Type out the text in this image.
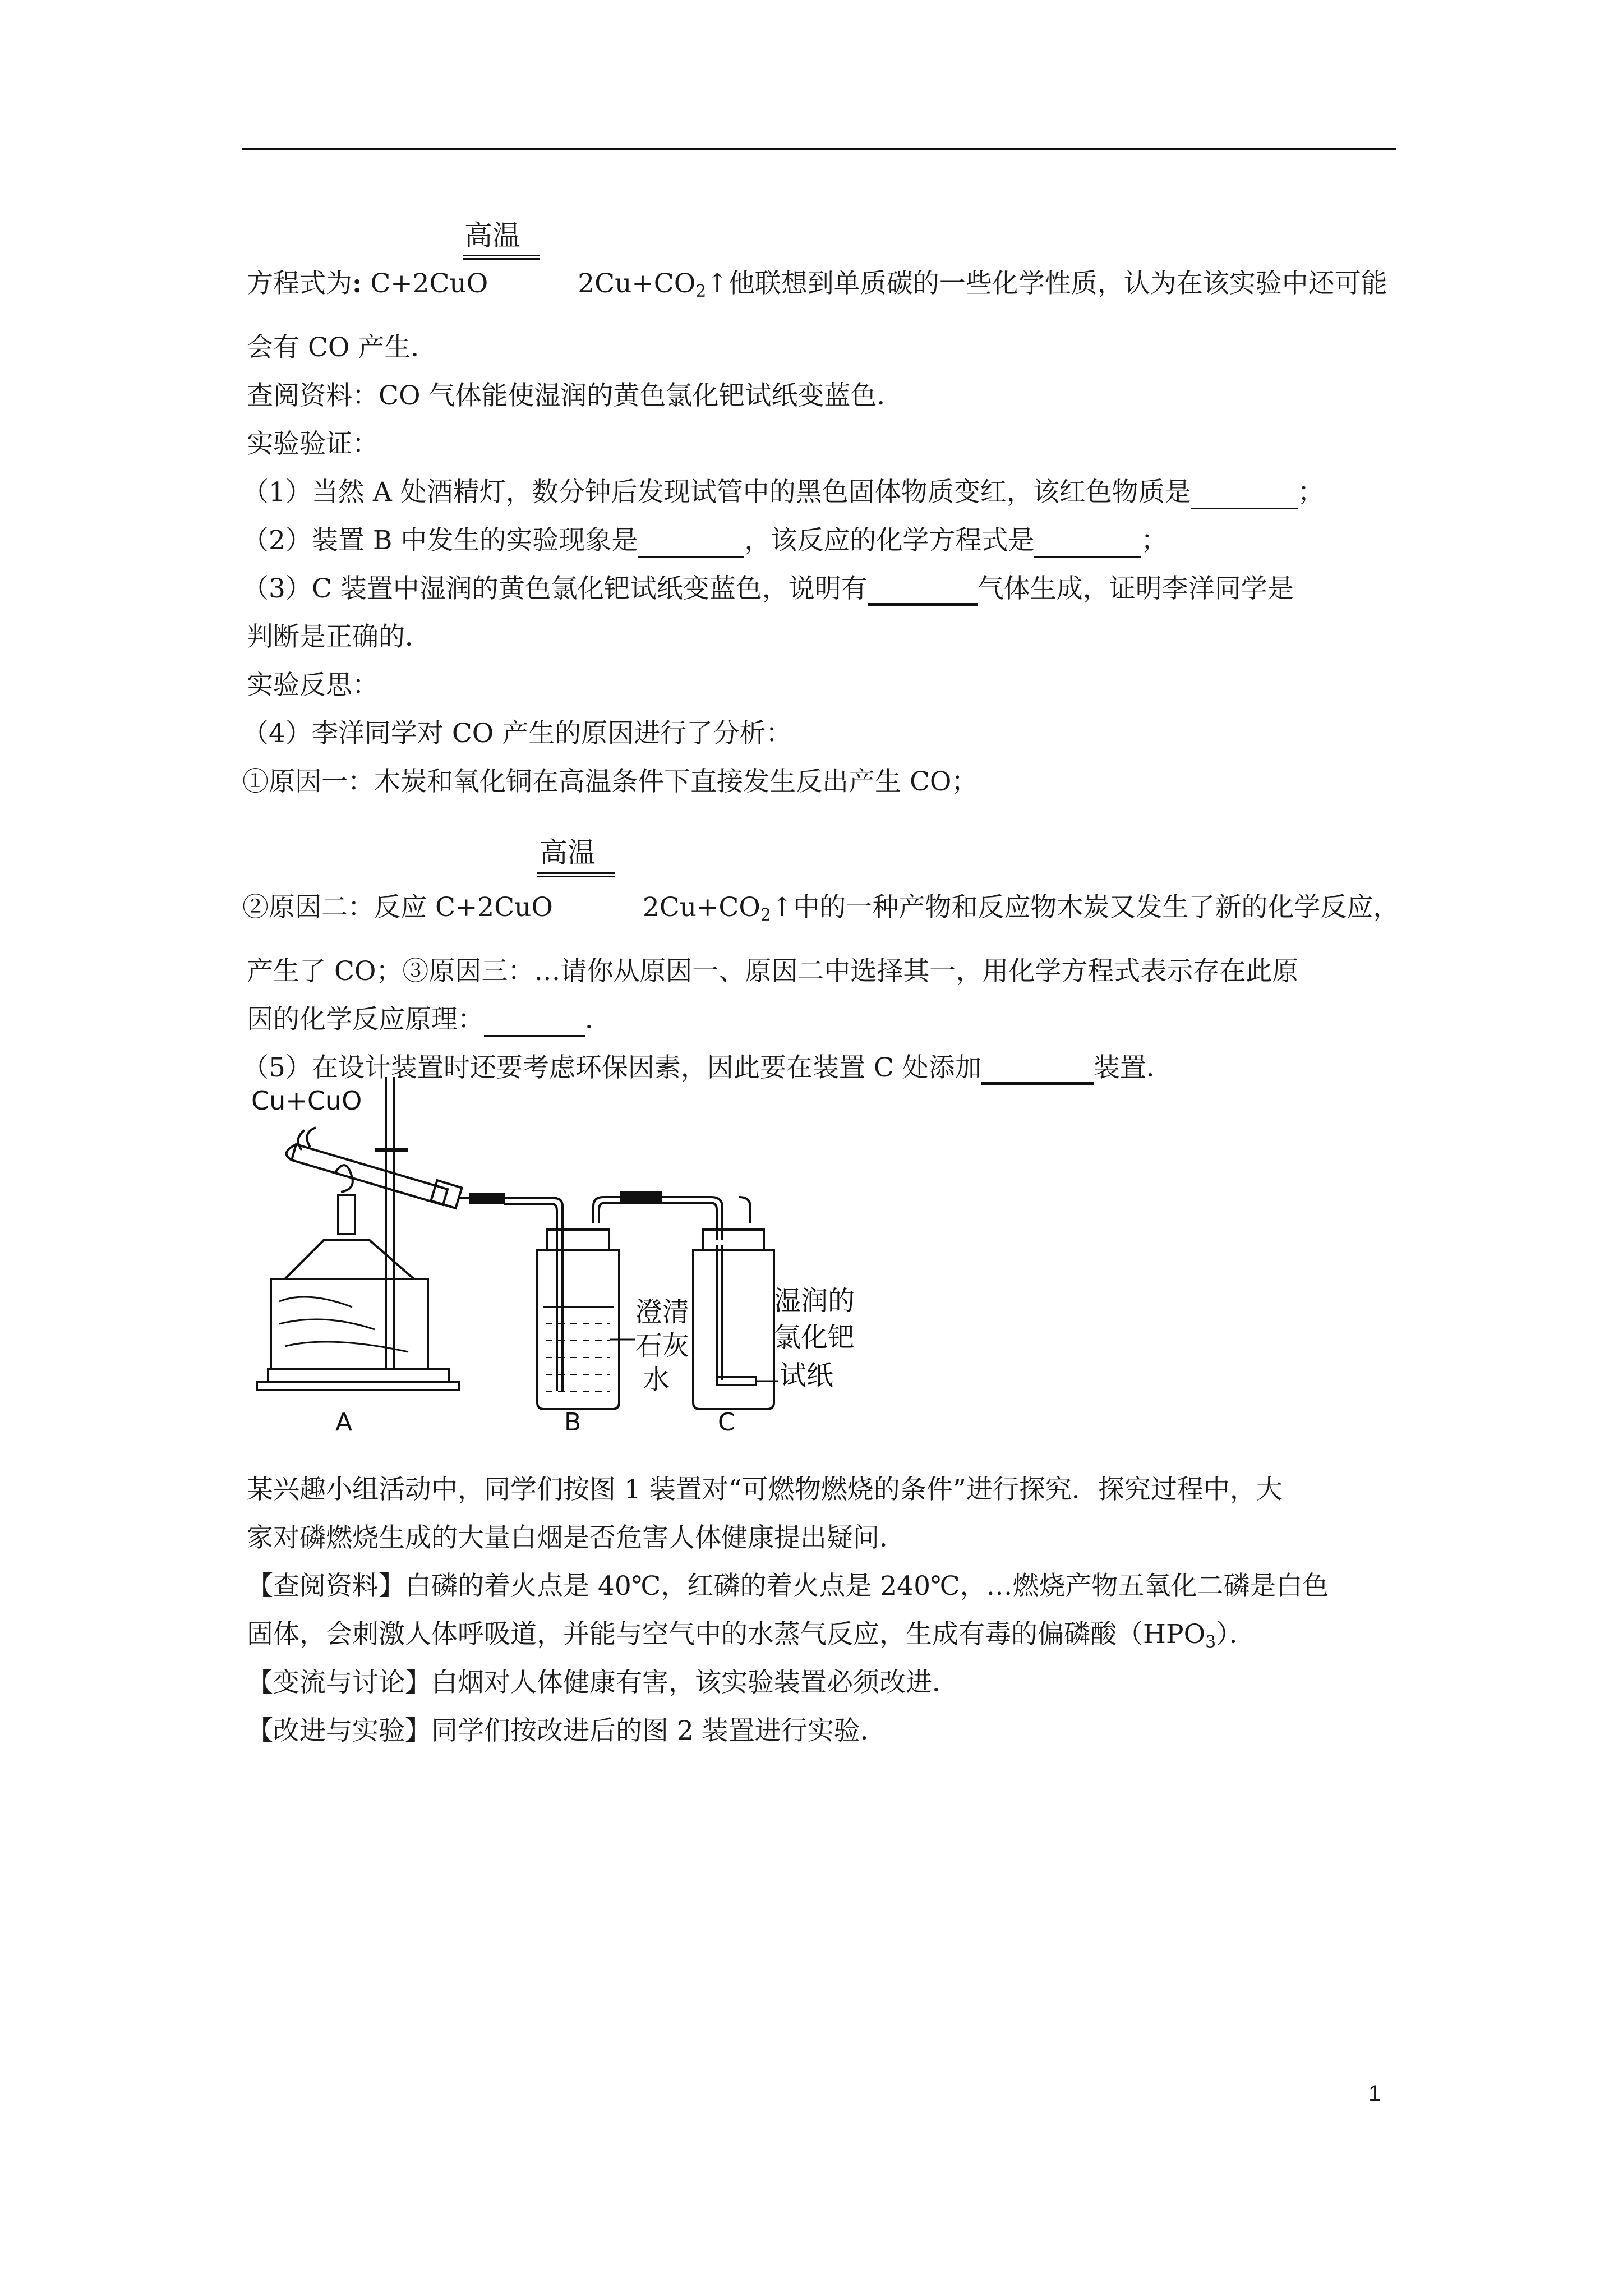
高温
方程式为: C+2CuO	$2Cu+CO_2↑$他联想到单质碳的一些化学性质，认为在该实验中还可能
会有 CO 产生．
查阅资料：CO 气体能使湿润的黄色氯化钯试纸变蓝色．
实验验证：
（1）当然 A 处酒精灯，数分钟后发现试管中的黑色固体物质变红，该红色物质是	；
（2）装置 B 中发生的实验现象是	，该反应的化学方程式是	；
（3）C 装置中湿润的黄色氯化钯试纸变蓝色，说明有	气体生成，证明李洋同学是
判断是正确的．
实验反思：
（4）李洋同学对 CO 产生的原因进行了分析：
①原因一：木炭和氧化铜在高温条件下直接发生反出产生 CO；
高温
②原因二：反应 C+2CuO	$2Cu+CO_2↑$中的一种产物和反应物木炭又发生了新的化学反应，
产生了 CO；③原因三：…请你从原因一、原因二中选择其一，用化学方程式表示存在此原
因的化学反应原理：	．
（5）在设计装置时还要考虑环保因素，因此要在装置 C 处添加	装置．
Cu+CuO
澄清
石灰
水
湿润的
氯化钯
试纸
A	B	C
某兴趣小组活动中，同学们按图 1 装置对“可燃物燃烧的条件”进行探究．探究过程中，大
家对磷燃烧生成的大量白烟是否危害人体健康提出疑问．
【查阅资料】白磷的着火点是 40℃，红磷的着火点是 240℃，…燃烧产物五氧化二磷是白色
固体，会刺激人体呼吸道，并能与空气中的水蒸气反应，生成有毒的偏磷酸$(HPO_3)$．
【变流与讨论】白烟对人体健康有害，该实验装置必须改进．
【改进与实验】同学们按改进后的图 2 装置进行实验．
1
